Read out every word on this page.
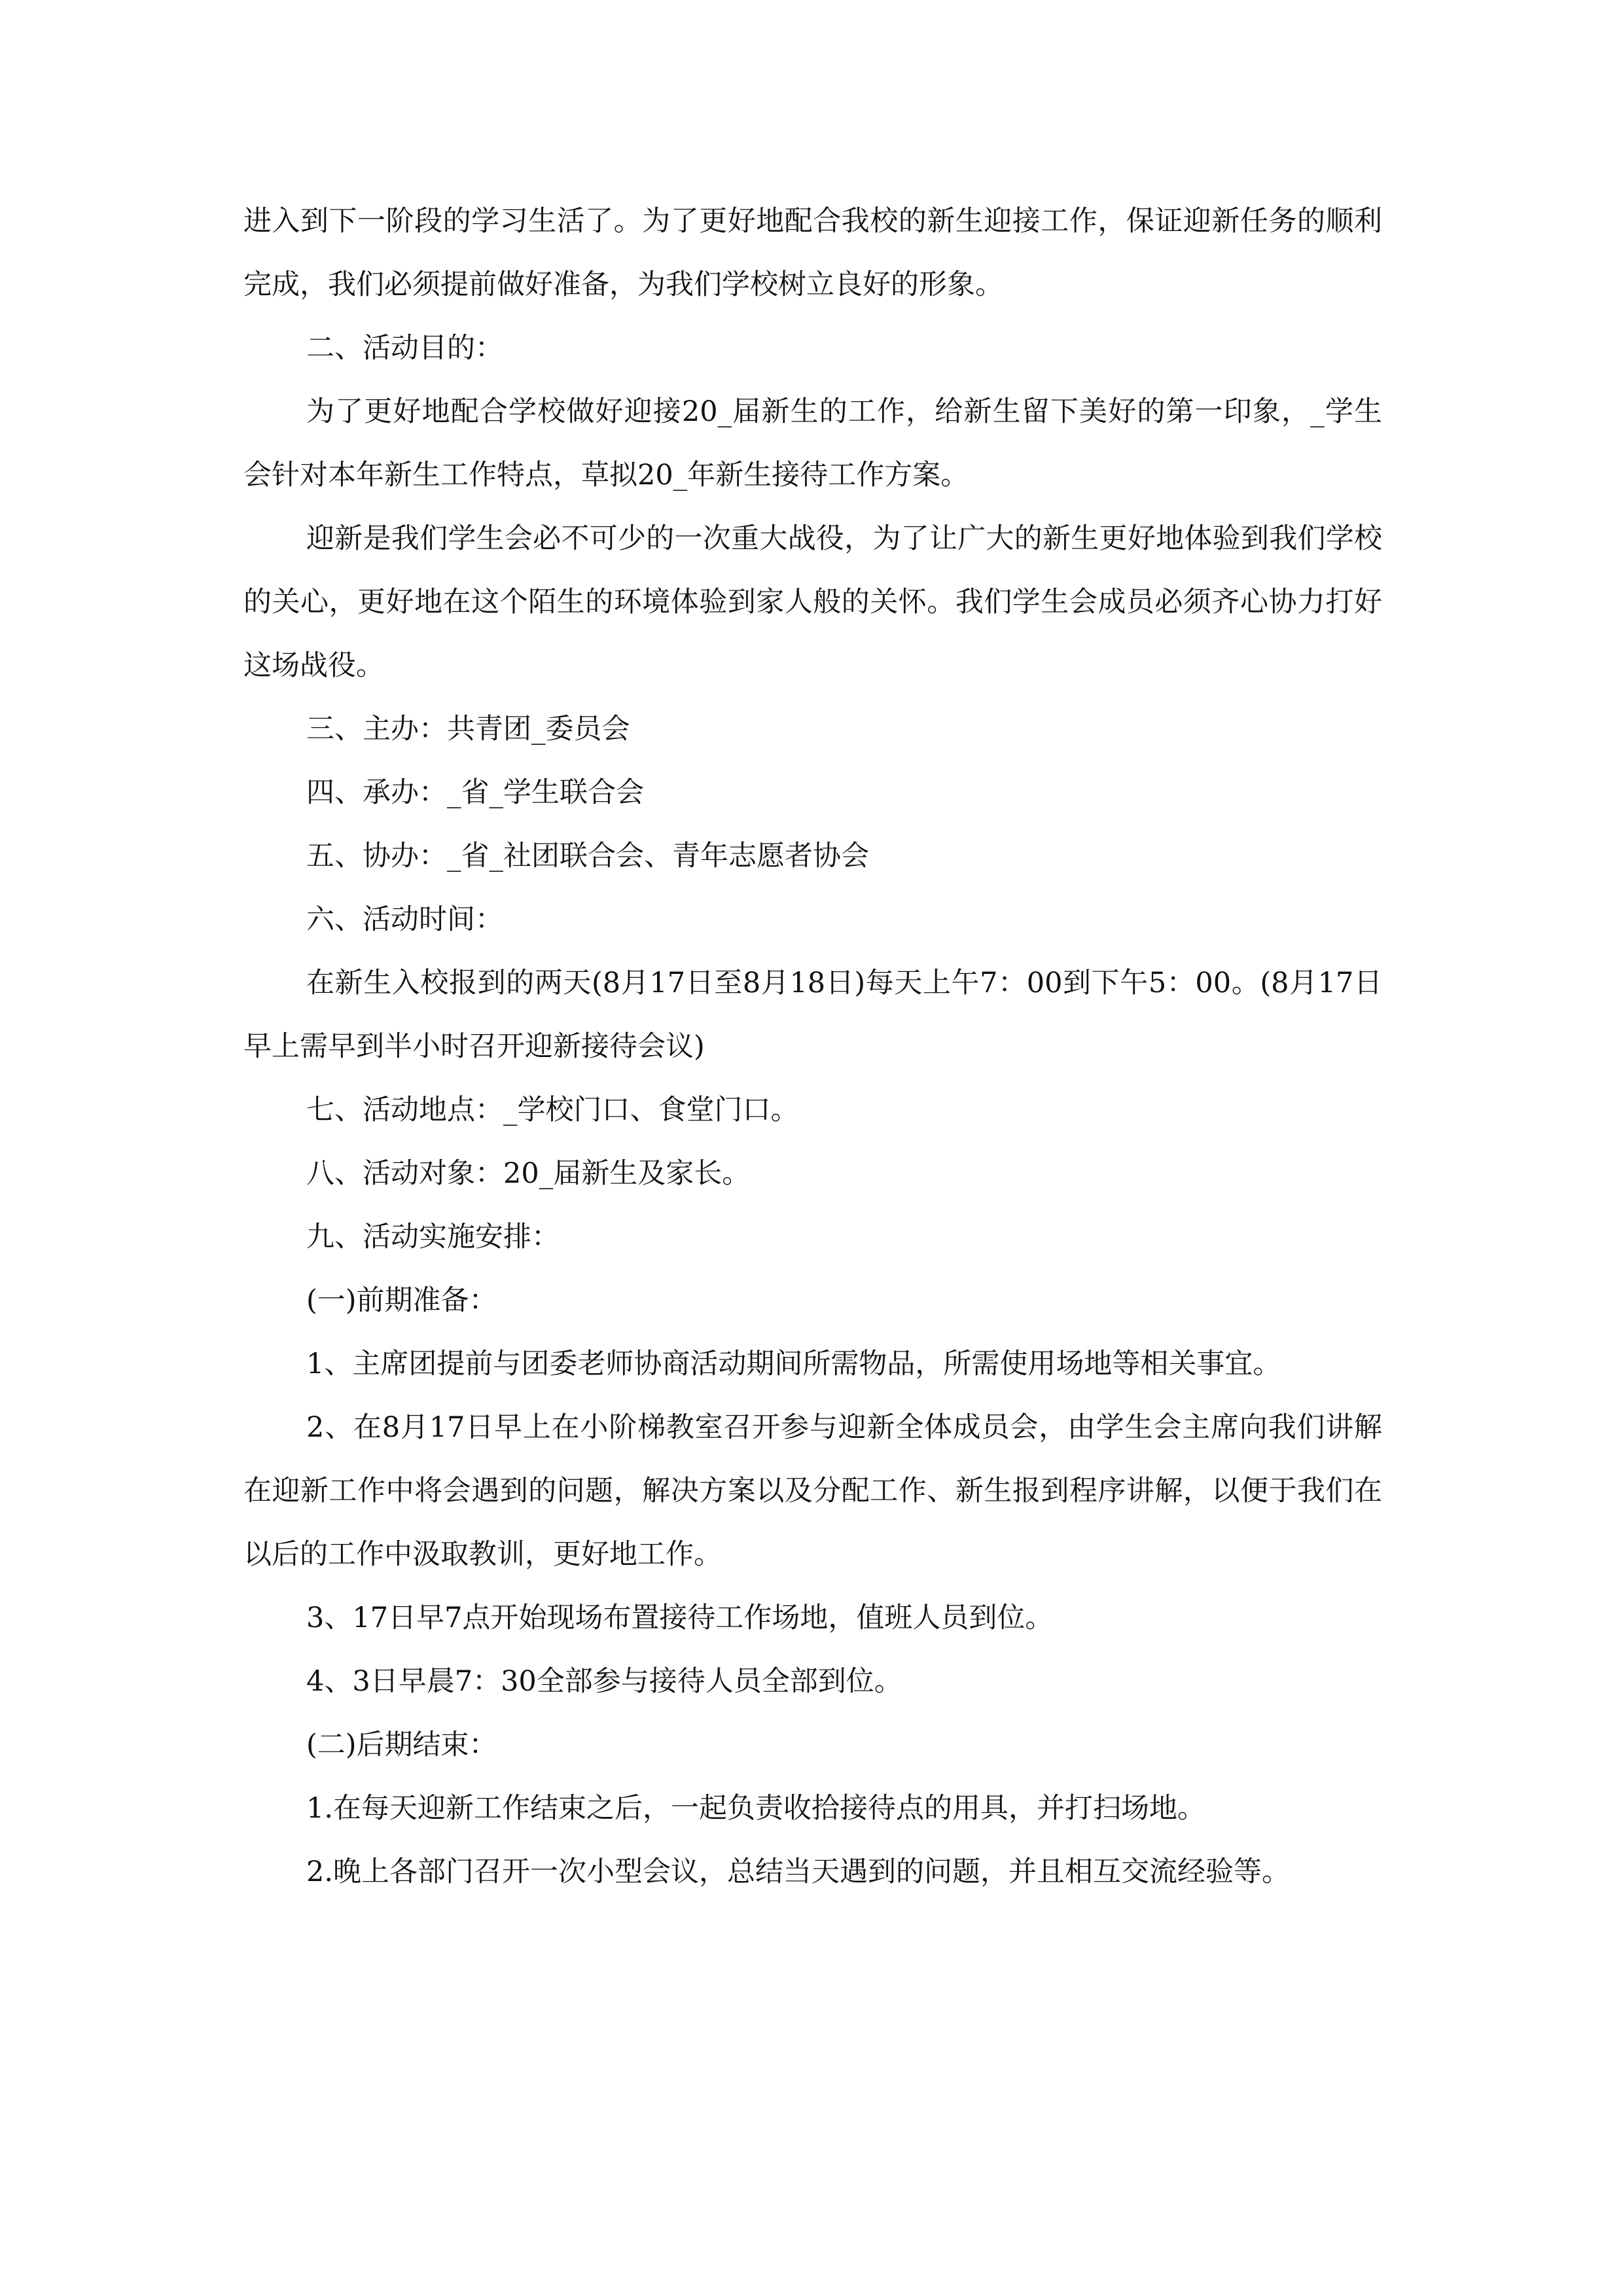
进入到下一阶段的学习生活了。为了更好地配合我校的新生迎接工作，保证迎新任务的顺利完成，我们必须提前做好准备，为我们学校树立良好的形象。

二、活动目的：

为了更好地配合学校做好迎接20_届新生的工作，给新生留下美好的第一印象，_学生会针对本年新生工作特点，草拟20_年新生接待工作方案。

迎新是我们学生会必不可少的一次重大战役，为了让广大的新生更好地体验到我们学校的关心，更好地在这个陌生的环境体验到家人般的关怀。我们学生会成员必须齐心协力打好这场战役。

三、主办：共青团_委员会

四、承办：_省_学生联合会

五、协办：_省_社团联合会、青年志愿者协会

六、活动时间：

在新生入校报到的两天(8月17日至8月18日)每天上午7：00到下午5：00。(8月17日早上需早到半小时召开迎新接待会议)

七、活动地点：_学校门口、食堂门口。

八、活动对象：20_届新生及家长。

九、活动实施安排：

(一)前期准备：

1、主席团提前与团委老师协商活动期间所需物品，所需使用场地等相关事宜。

2、在8月17日早上在小阶梯教室召开参与迎新全体成员会，由学生会主席向我们讲解在迎新工作中将会遇到的问题，解决方案以及分配工作、新生报到程序讲解，以便于我们在以后的工作中汲取教训，更好地工作。

3、17日早7点开始现场布置接待工作场地，值班人员到位。

4、3日早晨7：30全部参与接待人员全部到位。

(二)后期结束：

1.在每天迎新工作结束之后，一起负责收拾接待点的用具，并打扫场地。

2.晚上各部门召开一次小型会议，总结当天遇到的问题，并且相互交流经验等。
